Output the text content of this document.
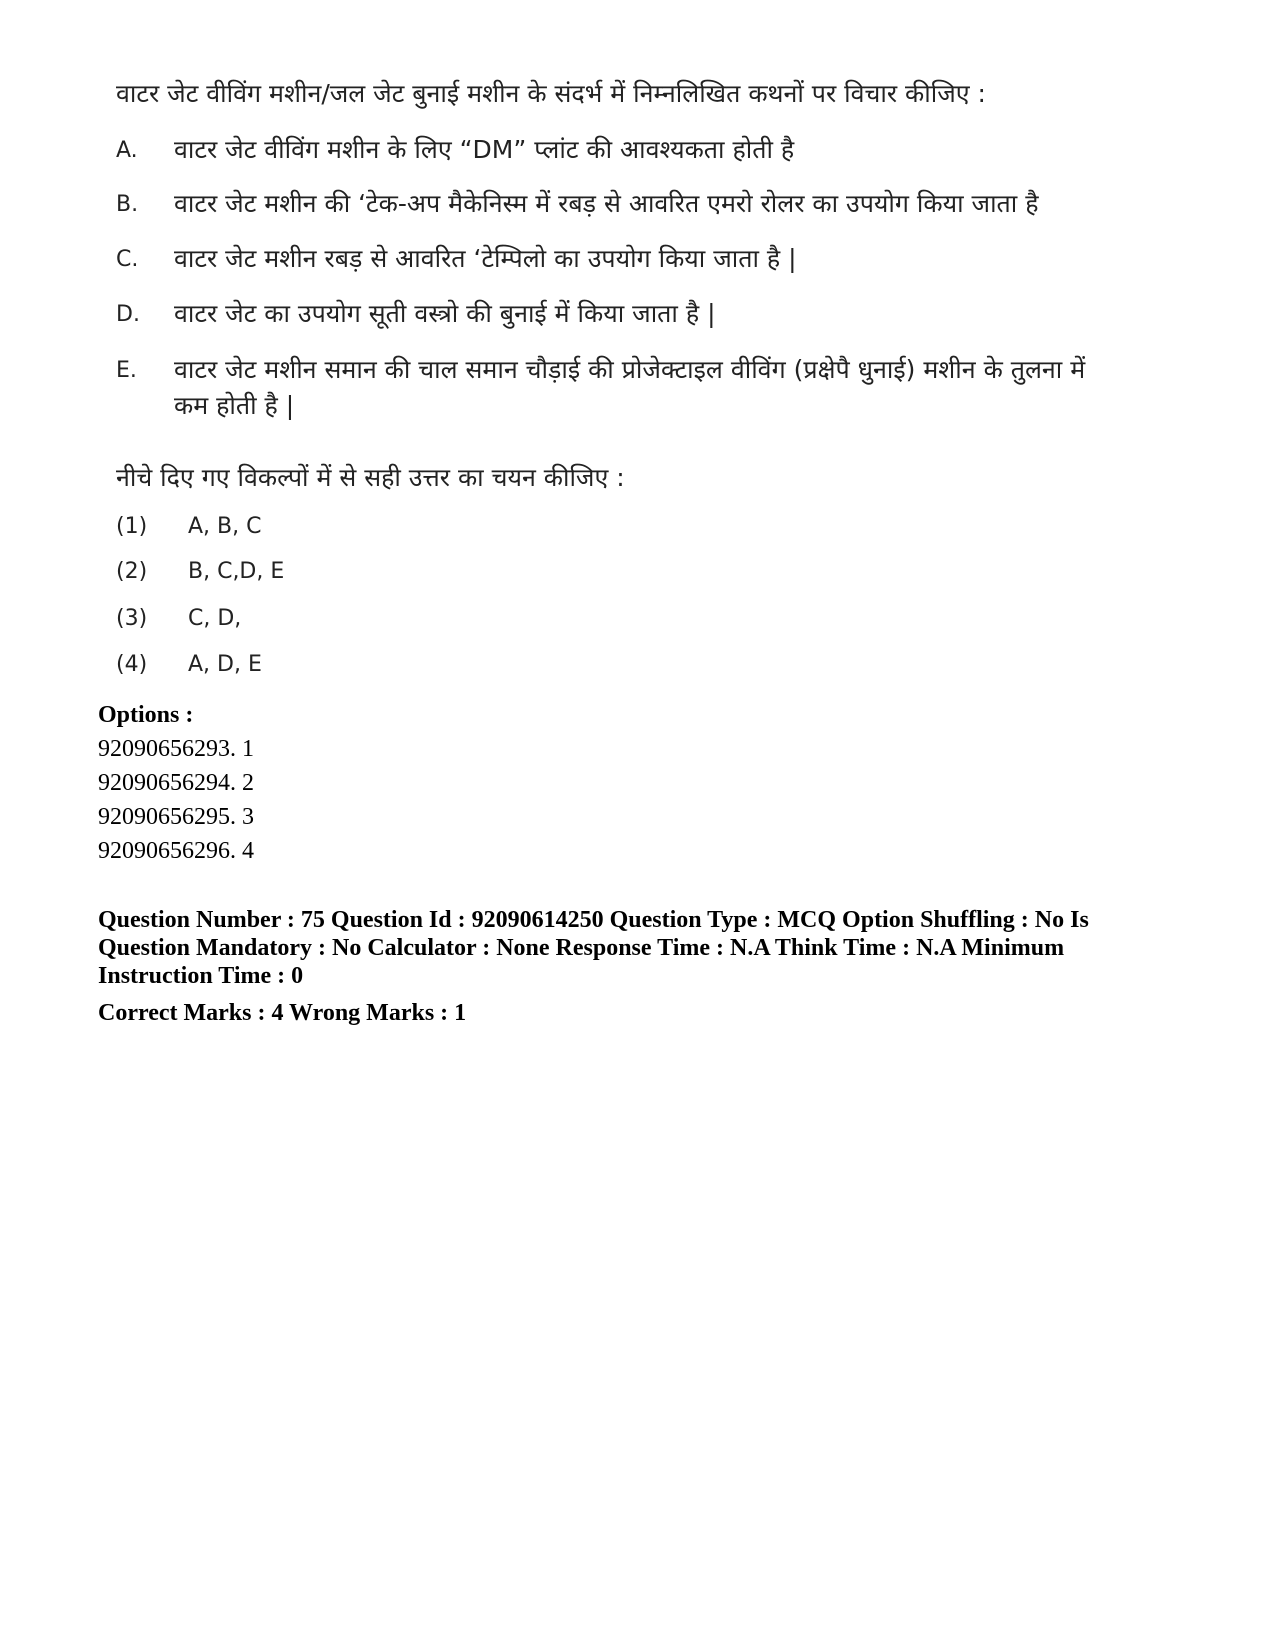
वाटर जेट वीविंग मशीन/जल जेट बुनाई मशीन के संदर्भ में निम्नलिखित कथनों पर विचार कीजिए :
A. वाटर जेट वीविंग मशीन के लिए “DM” प्लांट की आवश्यकता होती है
B. वाटर जेट मशीन की ‘टेक-अप मैकेनिस्म में रबड़ से आवरित एमरो रोलर का उपयोग किया जाता है
C. वाटर जेट मशीन रबड़ से आवरित ‘टेम्पिलो का उपयोग किया जाता है |
D. वाटर जेट का उपयोग सूती वस्त्रो की बुनाई में किया जाता है |
E. वाटर जेट मशीन समान की चाल समान चौड़ाई की प्रोजेक्टाइल वीविंग (प्रक्षेपै धुनाई) मशीन के तुलना में कम होती है |
नीचे दिए गए विकल्पों में से सही उत्तर का चयन कीजिए :
(1) A, B, C
(2) B, C,D, E
(3) C, D,
(4) A, D, E
Options :
92090656293. 1
92090656294. 2
92090656295. 3
92090656296. 4
Question Number : 75 Question Id : 92090614250 Question Type : MCQ Option Shuffling : No Is Question Mandatory : No Calculator : None Response Time : N.A Think Time : N.A Minimum Instruction Time : 0
Correct Marks : 4 Wrong Marks : 1
